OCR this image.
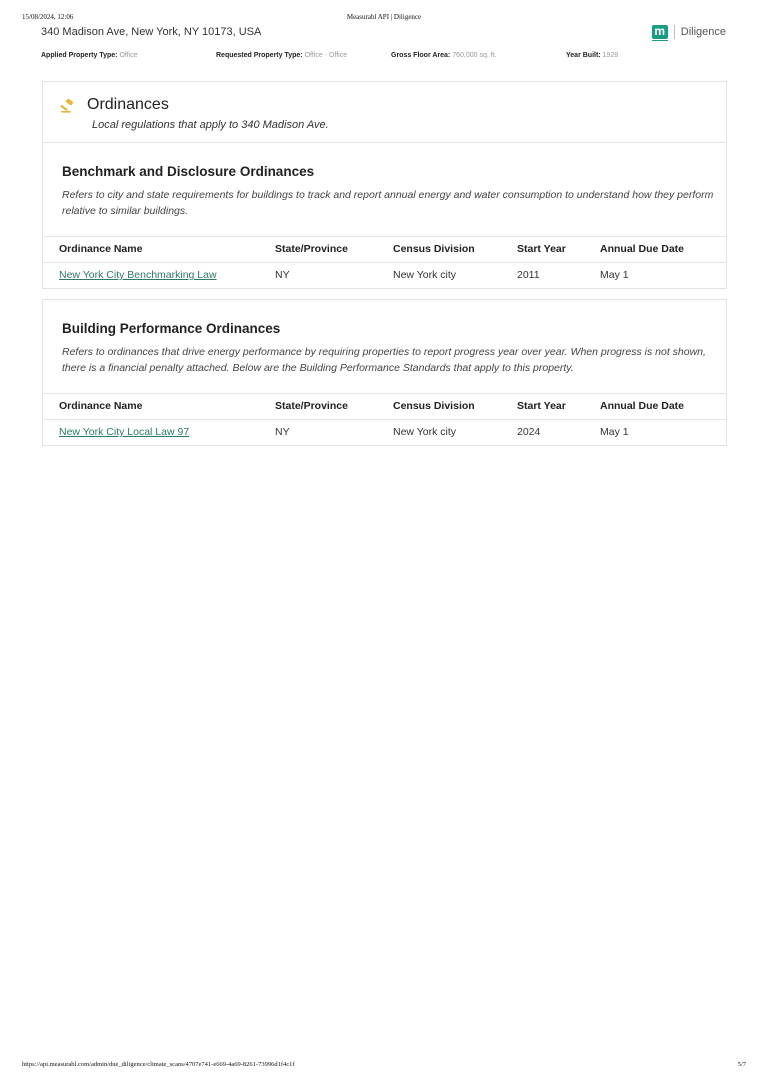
15/08/2024, 12:06	Measurabl API | Diligence
340 Madison Ave, New York, NY 10173, USA	m Diligence
Applied Property Type: Office	Requested Property Type: Office - Office	Gross Floor Area: 760,000 sq. ft.	Year Built: 1928
Ordinances
Local regulations that apply to 340 Madison Ave.
Benchmark and Disclosure Ordinances
Refers to city and state requirements for buildings to track and report annual energy and water consumption to understand how they perform relative to similar buildings.
Ordinance Name	State/Province	Census Division	Start Year	Annual Due Date
New York City Benchmarking Law	NY	New York city	2011	May 1
Building Performance Ordinances
Refers to ordinances that drive energy performance by requiring properties to report progress year over year. When progress is not shown, there is a financial penalty attached. Below are the Building Performance Standards that apply to this property.
Ordinance Name	State/Province	Census Division	Start Year	Annual Due Date
New York City Local Law 97	NY	New York city	2024	May 1
https://api.measurabl.com/admin/due_diligence/climate_scans/4707e741-e669-4a69-8261-73996d1f4c1f	5/7
